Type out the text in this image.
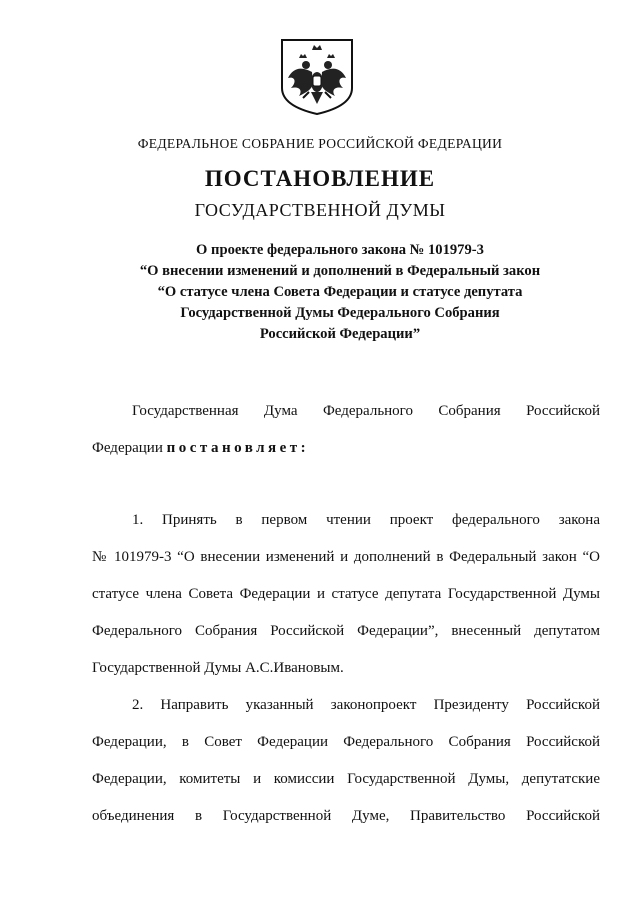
ФЕДЕРАЛЬНОЕ СОБРАНИЕ РОССИЙСКОЙ ФЕДЕРАЦИИ
ПОСТАНОВЛЕНИЕ
ГОСУДАРСТВЕННОЙ ДУМЫ
О проекте федерального закона № 101979-3
“О внесении изменений и дополнений в Федеральный закон
“О статусе члена Совета Федерации и статусе депутата
Государственной Думы Федерального Собрания
Российской Федерации”
Государственная Дума Федерального Собрания Российской
Федерации постановляет:
1. Принять в первом чтении проект федерального закона
№ 101979-3 “О внесении изменений и дополнений в Федеральный закон “О
статусе члена Совета Федерации и статусе депутата Государственной Думы
Федерального Собрания Российской Федерации”, внесенный депутатом
Государственной Думы А.С.Ивановым.
2. Направить указанный законопроект Президенту Российской
Федерации, в Совет Федерации Федерального Собрания Российской
Федерации, комитеты и комиссии Государственной Думы, депутатские
объединения в Государственной Думе, Правительство Российской
